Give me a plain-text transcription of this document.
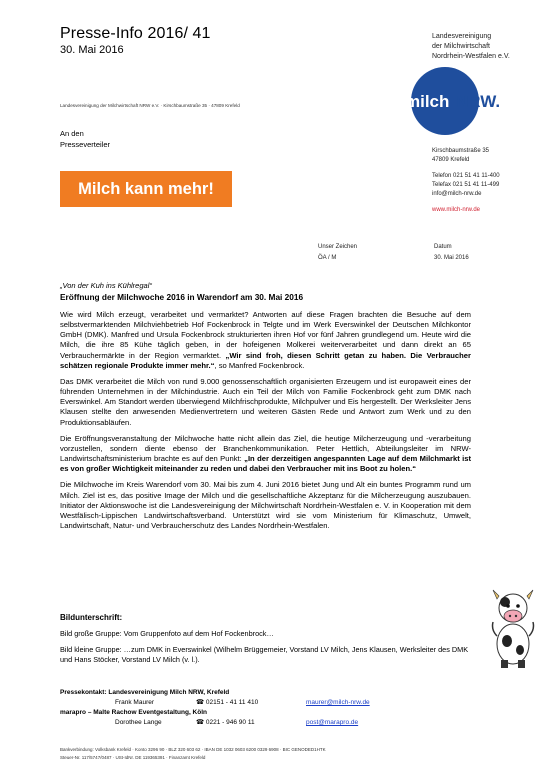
Presse-Info 2016/ 41
30. Mai 2016
Landesvereinigung
der Milchwirtschaft
Nordrhein-Westfalen e.V.
milch NRW.
Landesvereinigung der Milchwirtschaft NRW e.V. · Kirschbaumstraße 35 · 47809 Krefeld
An den
Presseverteiler
Milch kann mehr!
Kirschbaumstraße 35
47809 Krefeld
Telefon 021 51 41 11-400
Telefax 021 51 41 11-499
info@milch-nrw.de
www.milch-nrw.de
Unser Zeichen
ÖA / M
Datum
30. Mai 2016
„Von der Kuh ins Kühlregal“
Eröffnung der Milchwoche 2016 in Warendorf am 30. Mai 2016

Wie wird Milch erzeugt, verarbeitet und vermarktet? Antworten auf diese Fragen brachten die Besuche auf dem selbstvermarktenden Milchviehbetrieb Hof Fockenbrock in Telgte und im Werk Everswinkel der Deutschen Milchkontor GmbH (DMK). Manfred und Ursula Fockenbrock strukturierten ihren Hof vor fünf Jahren grundlegend um. Heute wird die Milch, die ihre 85 Kühe täglich geben, in der hofeigenen Molkerei weiterverarbeitet und dann direkt an 65 Verbrauchermärkte in der Region vermarktet. „Wir sind froh, diesen Schritt getan zu haben. Die Verbraucher schätzen regionale Produkte immer mehr.“, so Manfred Fockenbrock.

Das DMK verarbeitet die Milch von rund 9.000 genossenschaftlich organisierten Erzeugern und ist europaweit eines der führenden Unternehmen in der Milchindustrie. Auch ein Teil der Milch von Familie Fockenbrock geht zum DMK nach Everswinkel. Am Standort werden überwiegend Milchfrischprodukte, Milchpulver und Eis hergestellt. Der Werksleiter Jens Klausen stellte den anwesenden Medienvertretern und weiteren Gästen Rede und Antwort zum Werk und zu den Produktionsabläufen.

Die Eröffnungsveranstaltung der Milchwoche hatte nicht allein das Ziel, die heutige Milcherzeugung und -verarbeitung vorzustellen, sondern diente ebenso der Branchenkommunikation. Peter Hettlich, Abteilungsleiter im NRW-Landwirtschaftsministerium brachte es auf den Punkt: „In der derzeitigen angespannten Lage auf dem Milchmarkt ist es von großer Wichtigkeit miteinander zu reden und dabei den Verbraucher mit ins Boot zu holen.“

Die Milchwoche im Kreis Warendorf vom 30. Mai bis zum 4. Juni 2016 bietet Jung und Alt ein buntes Programm rund um Milch. Ziel ist es, das positive Image der Milch und die gesellschaftliche Akzeptanz für die Milcherzeugung auszubauen. Initiator der Aktionswoche ist die Landesvereinigung der Milchwirtschaft Nordrhein-Westfalen e. V. in Kooperation mit dem Westfälisch-Lippischen Landwirtschaftsverband. Unterstützt wird sie vom Ministerium für Klimaschutz, Umwelt, Landwirtschaft, Natur- und Verbraucherschutz des Landes Nordrhein-Westfalen.

Bildunterschrift:

Bild große Gruppe: Vom Gruppenfoto auf dem Hof Fockenbrock…

Bild kleine Gruppe: …zum DMK in Everswinkel (Wilhelm Brüggemeier, Vorstand LV Milch, Jens Klausen, Werksleiter des DMK und Hans Stöcker, Vorstand LV Milch (v. l.).

Pressekontakt: Landesvereinigung Milch NRW, Krefeld
Frank Maurer	☎ 02151 - 41 11 410	maurer@milch-nrw.de
marapro – Malte Rachow Eventgestaltung, Köln
Dorothee Lange	☎ 0221 - 946 90 11	post@marapro.de
Bankverbindung: Volksbank Krefeld · Konto 3296 90 · BLZ 320 603 62 · IBAN DE 1032 0603 6200 0329 6908 · BIC GENODED1HTK
Steuer-Nr. 117/5747/0487 · USt-IdNr. DE 119365391 · Finanzamt Krefeld
